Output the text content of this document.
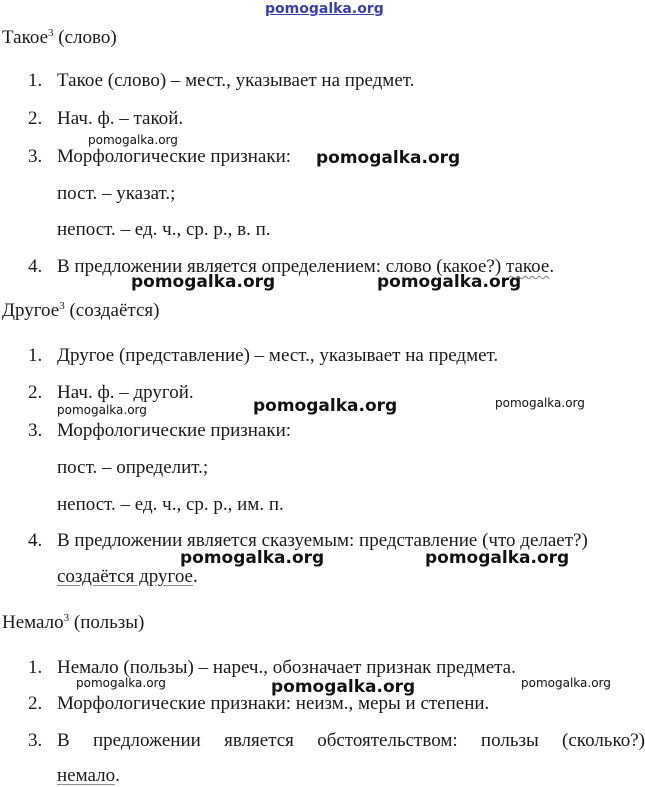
pomogalka.org
Такое$^3$ (слово)
1. Такое (слово) – мест., указывает на предмет.
2. Нач. ф. – такой.
3. Морфологические признаки:
пост. – указат.;
непост. – ед. ч., ср. р., в. п.
4. В предложении является определением: слово (какое?) такое.
Другое$^3$ (создаётся)
1. Другое (представление) – мест., указывает на предмет.
2. Нач. ф. – другой.
3. Морфологические признаки:
пост. – определит.;
непост. – ед. ч., ср. р., им. п.
4. В предложении является сказуемым: представление (что делает?)
создаётся другое.
Немало$^3$ (пользы)
1. Немало (пользы) – нареч., обозначает признак предмета.
2. Морфологические признаки: неизм., меры и степени.
3. В предложении является обстоятельством: пользы (сколько?)
немало.
pomogalka.org
pomogalka.org
pomogalka.org	pomogalka.org
pomogalka.org	pomogalka.org	pomogalka.org
pomogalka.org	pomogalka.org
pomogalka.org	pomogalka.org	pomogalka.org
